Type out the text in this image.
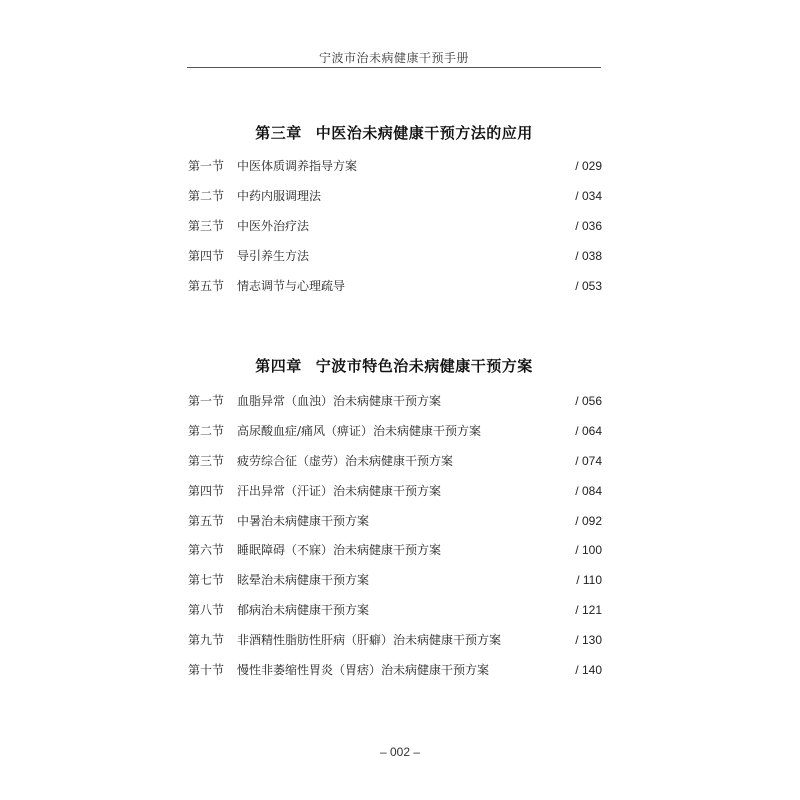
宁波市治未病健康干预手册
第三章 中医治未病健康干预方法的应用
第一节 中医体质调养指导方案	/ 029
第二节 中药内服调理法	/ 034
第三节 中医外治疗法	/ 036
第四节 导引养生方法	/ 038
第五节 情志调节与心理疏导	/ 053
第四章 宁波市特色治未病健康干预方案
第一节 血脂异常（血浊）治未病健康干预方案	/ 056
第二节 高尿酸血症/痛风（痹证）治未病健康干预方案	/ 064
第三节 疲劳综合征（虚劳）治未病健康干预方案	/ 074
第四节 汗出异常（汗证）治未病健康干预方案	/ 084
第五节 中暑治未病健康干预方案	/ 092
第六节 睡眠障碍（不寐）治未病健康干预方案	/ 100
第七节 眩晕治未病健康干预方案	/ 110
第八节 郁病治未病健康干预方案	/ 121
第九节 非酒精性脂肪性肝病（肝癖）治未病健康干预方案	/ 130
第十节 慢性非萎缩性胃炎（胃痞）治未病健康干预方案	/ 140
– 002 –
